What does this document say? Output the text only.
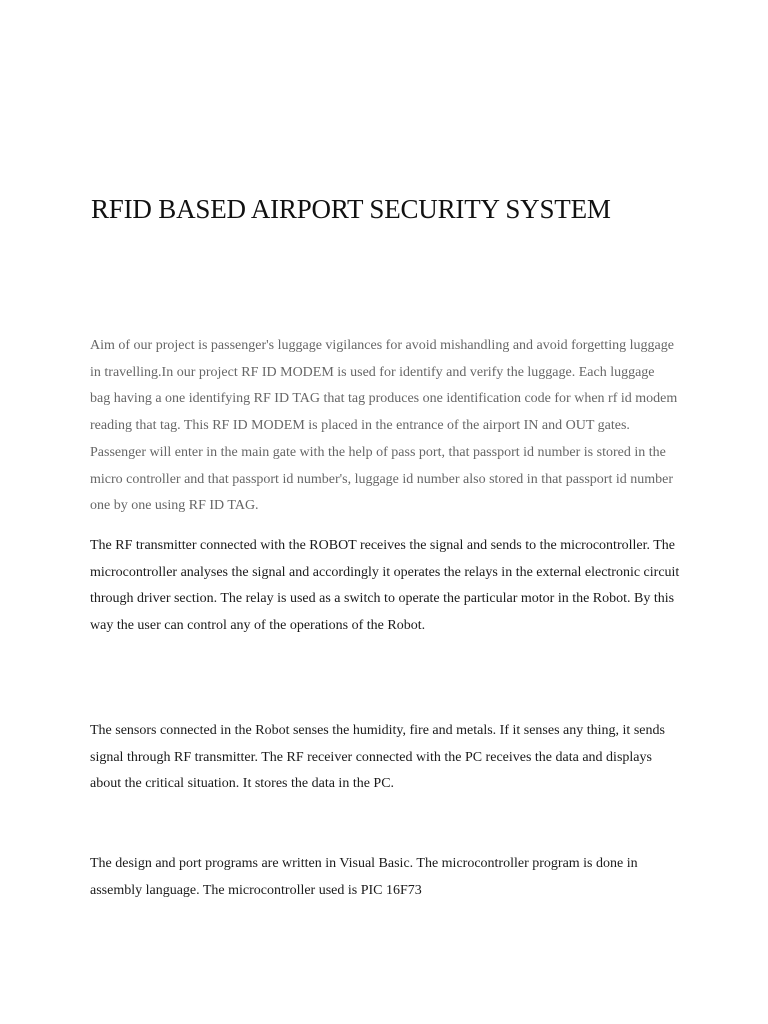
RFID BASED AIRPORT SECURITY SYSTEM

Aim of our project is passenger's luggage vigilances for avoid mishandling and avoid forgetting luggage in travelling.In our project RF ID MODEM is used for identify and verify the luggage. Each luggage bag having a one identifying RF ID TAG that tag produces one identification code for when rf id modem reading that tag. This RF ID MODEM is placed in the entrance of the airport IN and OUT gates. Passenger will enter in the main gate with the help of pass port, that passport id number is stored in the micro controller and that passport id number's, luggage id number also stored in that passport id number one by one using RF ID TAG.

The RF transmitter connected with the ROBOT receives the signal and sends to the microcontroller. The microcontroller analyses the signal and accordingly it operates the relays in the external electronic circuit through driver section. The relay is used as a switch to operate the particular motor in the Robot. By this way the user can control any of the operations of the Robot.

The sensors connected in the Robot senses the humidity, fire and metals. If it senses any thing, it sends signal through RF transmitter. The RF receiver connected with the PC receives the data and displays about the critical situation. It stores the data in the PC.

The design and port programs are written in Visual Basic. The microcontroller program is done in assembly language. The microcontroller used is PIC 16F73
